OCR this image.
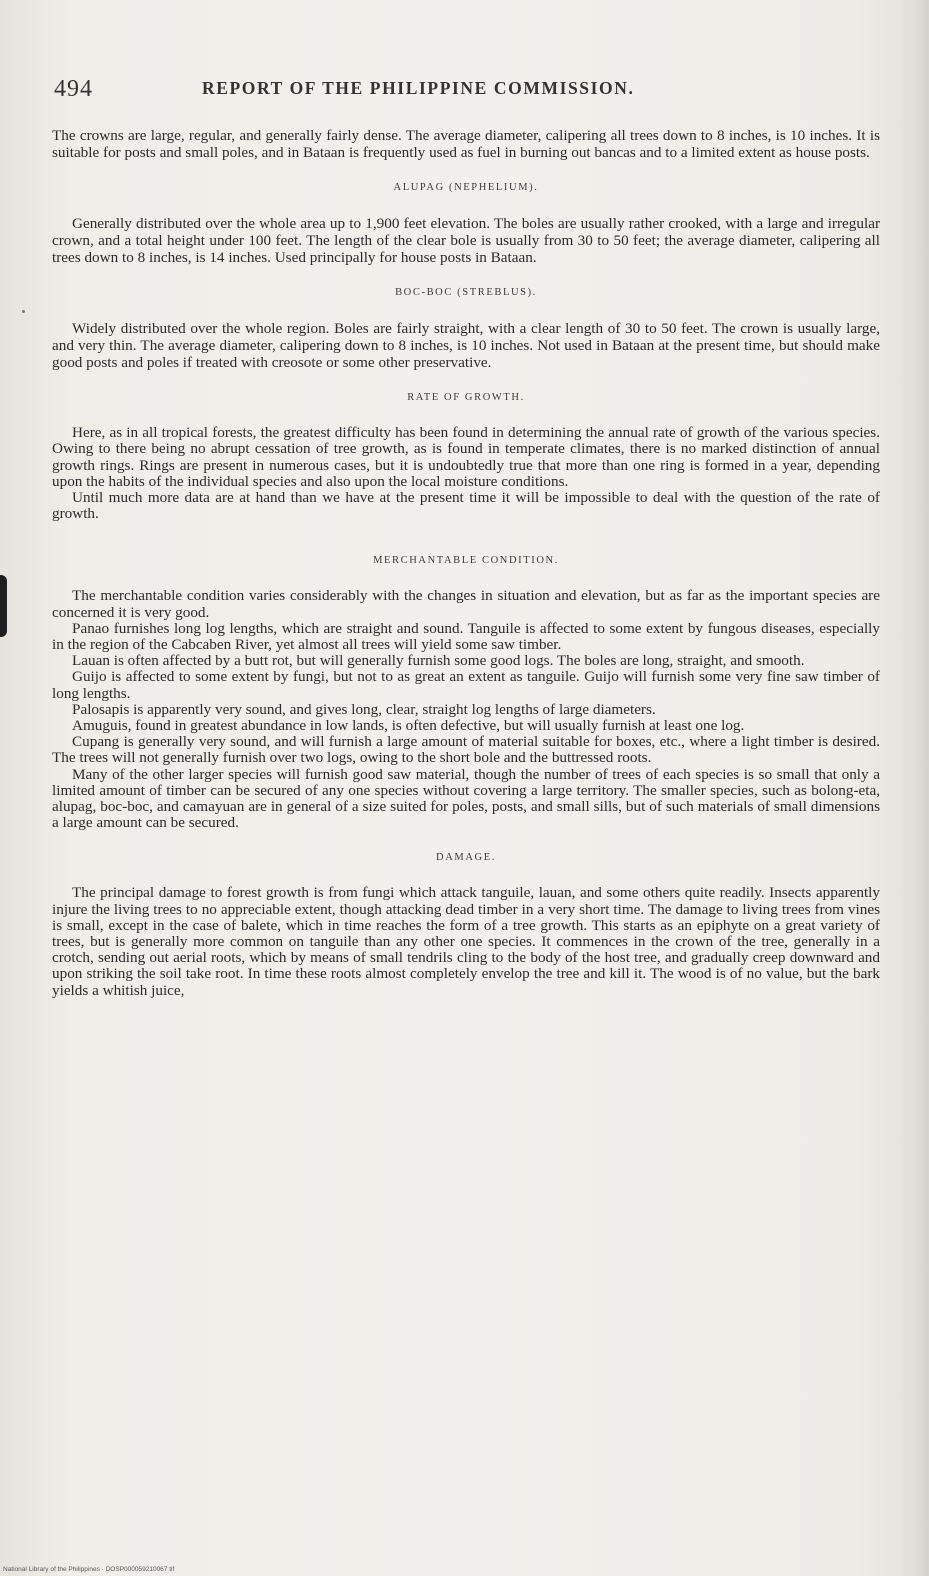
494	REPORT OF THE PHILIPPINE COMMISSION.

The crowns are large, regular, and generally fairly dense. The average diameter, calipering all trees down to 8 inches, is 10 inches. It is suitable for posts and small poles, and in Bataan is frequently used as fuel in burning out bancas and to a limited extent as house posts.

ALUPAG (NEPHELIUM).

Generally distributed over the whole area up to 1,900 feet elevation. The boles are usually rather crooked, with a large and irregular crown, and a total height under 100 feet. The length of the clear bole is usually from 30 to 50 feet; the average diameter, calipering all trees down to 8 inches, is 14 inches. Used principally for house posts in Bataan.

BOC-BOC (STREBLUS).

Widely distributed over the whole region. Boles are fairly straight, with a clear length of 30 to 50 feet. The crown is usually large, and very thin. The average diameter, calipering down to 8 inches, is 10 inches. Not used in Bataan at the present time, but should make good posts and poles if treated with creosote or some other preservative.

RATE OF GROWTH.

Here, as in all tropical forests, the greatest difficulty has been found in determining the annual rate of growth of the various species. Owing to there being no abrupt cessation of tree growth, as is found in temperate climates, there is no marked distinction of annual growth rings. Rings are present in numerous cases, but it is undoubtedly true that more than one ring is formed in a year, depending upon the habits of the individual species and also upon the local moisture conditions.

Until much more data are at hand than we have at the present time it will be impossible to deal with the question of the rate of growth.

MERCHANTABLE CONDITION.

The merchantable condition varies considerably with the changes in situation and elevation, but as far as the important species are concerned it is very good.

Panao furnishes long log lengths, which are straight and sound. Tanguile is affected to some extent by fungous diseases, especially in the region of the Cabcaben River, yet almost all trees will yield some saw timber.

Lauan is often affected by a butt rot, but will generally furnish some good logs. The boles are long, straight, and smooth.

Guijo is affected to some extent by fungi, but not to as great an extent as tanguile. Guijo will furnish some very fine saw timber of long lengths.

Palosapis is apparently very sound, and gives long, clear, straight log lengths of large diameters.

Amuguis, found in greatest abundance in low lands, is often defective, but will usually furnish at least one log.

Cupang is generally very sound, and will furnish a large amount of material suitable for boxes, etc., where a light timber is desired. The trees will not generally furnish over two logs, owing to the short bole and the buttressed roots.

Many of the other larger species will furnish good saw material, though the number of trees of each species is so small that only a limited amount of timber can be secured of any one species without covering a large territory. The smaller species, such as bolong-eta, alupag, boc-boc, and camayuan are in general of a size suited for poles, posts, and small sills, but of such materials of small dimensions a large amount can be secured.

DAMAGE.

The principal damage to forest growth is from fungi which attack tanguile, lauan, and some others quite readily. Insects apparently injure the living trees to no appreciable extent, though attacking dead timber in a very short time. The damage to living trees from vines is small, except in the case of balete, which in time reaches the form of a tree growth. This starts as an epiphyte on a great variety of trees, but is generally more common on tanguile than any other one species. It commences in the crown of the tree, generally in a crotch, sending out aerial roots, which by means of small tendrils cling to the body of the host tree, and gradually creep downward and upon striking the soil take root. In time these roots almost completely envelop the tree and kill it. The wood is of no value, but the bark yields a whitish juice,

National Library of the Philippines · DOSP000059210067 tif
